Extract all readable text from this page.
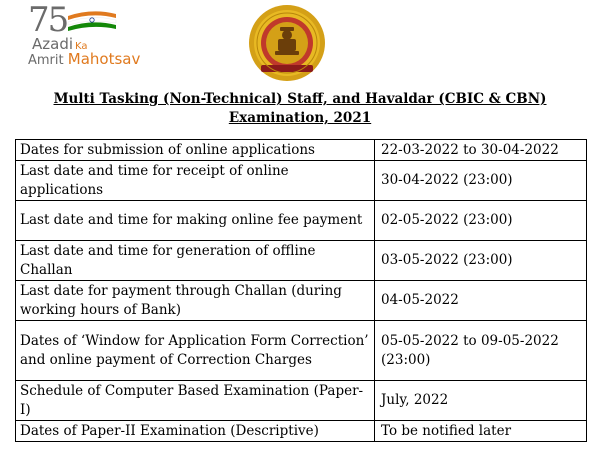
75
Azadi Ka
Amrit Mahotsav
Multi Tasking (Non-Technical) Staff, and Havaldar (CBIC & CBN)
Examination, 2021
Dates for submission of online applications	22-03-2022 to 30-04-2022
Last date and time for receipt of online applications	30-04-2022 (23:00)
Last date and time for making online fee payment	02-05-2022 (23:00)
Last date and time for generation of offline Challan	03-05-2022 (23:00)
Last date for payment through Challan (during working hours of Bank)	04-05-2022
Dates of ‘Window for Application Form Correction’ and online payment of Correction Charges	05-05-2022 to 09-05-2022 (23:00)
Schedule of Computer Based Examination (Paper-I)	July, 2022
Dates of Paper-II Examination (Descriptive)	To be notified later
